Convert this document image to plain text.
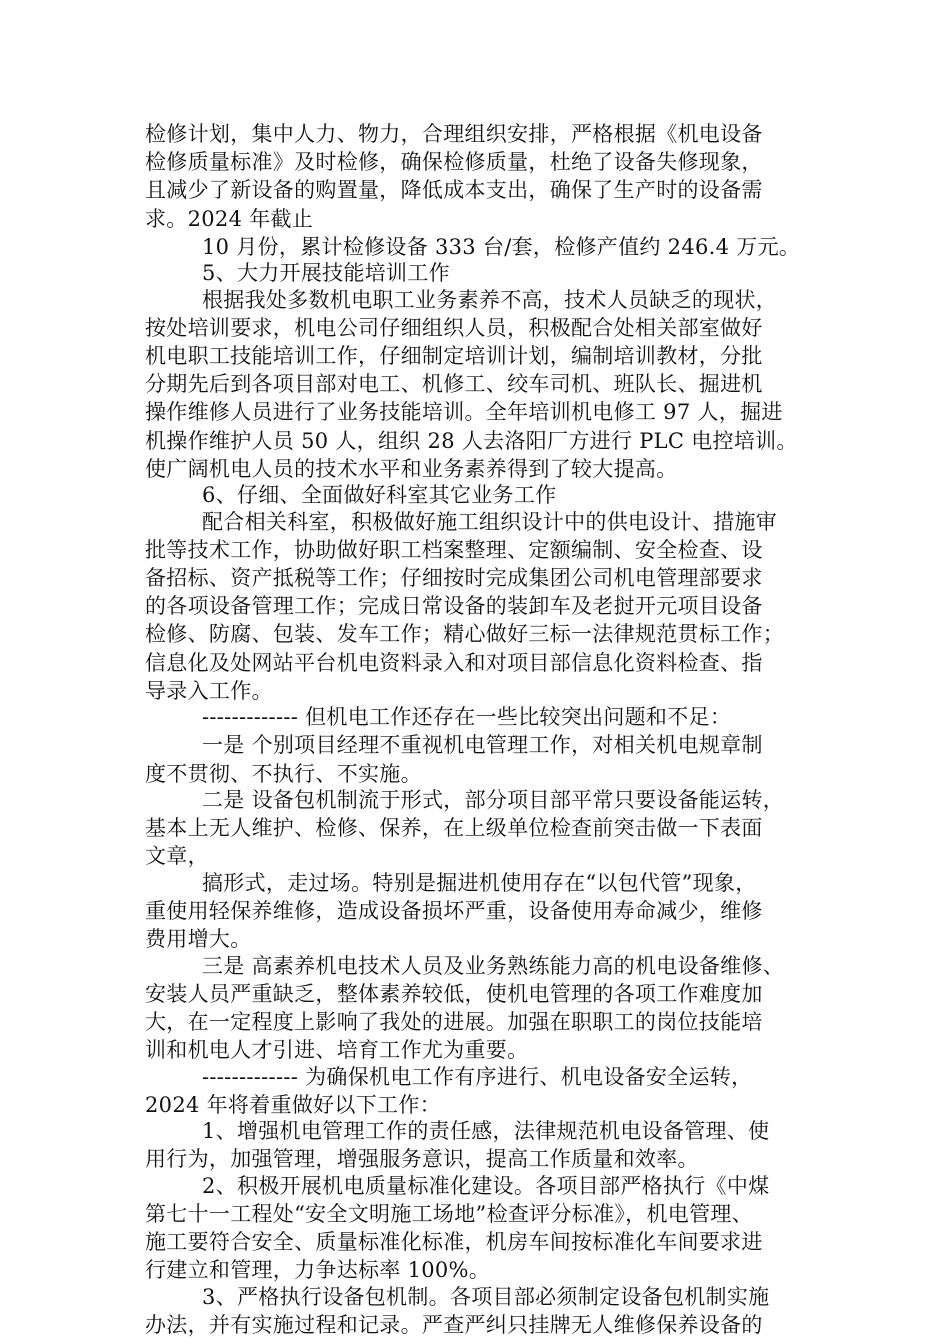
检修计划，集中人力、物力，合理组织安排，严格根据《机电设备
检修质量标准》及时检修，确保检修质量，杜绝了设备失修现象，
且减少了新设备的购置量，降低成本支出，确保了生产时的设备需
求。2024 年截止
10 月份，累计检修设备 333 台/套，检修产值约 246.4 万元。
5、大力开展技能培训工作
根据我处多数机电职工业务素养不高，技术人员缺乏的现状，
按处培训要求，机电公司仔细组织人员，积极配合处相关部室做好
机电职工技能培训工作，仔细制定培训计划，编制培训教材，分批
分期先后到各项目部对电工、机修工、绞车司机、班队长、掘进机
操作维修人员进行了业务技能培训。全年培训机电修工 97 人，掘进
机操作维护人员 50 人，组织 28 人去洛阳厂方进行 PLC 电控培训。
使广阔机电人员的技术水平和业务素养得到了较大提高。
6、仔细、全面做好科室其它业务工作
配合相关科室，积极做好施工组织设计中的供电设计、措施审
批等技术工作，协助做好职工档案整理、定额编制、安全检查、设
备招标、资产抵税等工作；仔细按时完成集团公司机电管理部要求
的各项设备管理工作；完成日常设备的装卸车及老挝开元项目设备
检修、防腐、包装、发车工作；精心做好三标一法律规范贯标工作；
信息化及处网站平台机电资料录入和对项目部信息化资料检查、指
导录入工作。
------------- 但机电工作还存在一些比较突出问题和不足：
一是 个别项目经理不重视机电管理工作，对相关机电规章制
度不贯彻、不执行、不实施。
二是 设备包机制流于形式，部分项目部平常只要设备能运转，
基本上无人维护、检修、保养，在上级单位检查前突击做一下表面
文章，
搞形式，走过场。特别是掘进机使用存在“以包代管”现象，
重使用轻保养维修，造成设备损坏严重，设备使用寿命减少，维修
费用增大。
三是 高素养机电技术人员及业务熟练能力高的机电设备维修、
安装人员严重缺乏，整体素养较低，使机电管理的各项工作难度加
大，在一定程度上影响了我处的进展。加强在职职工的岗位技能培
训和机电人才引进、培育工作尤为重要。
------------- 为确保机电工作有序进行、机电设备安全运转，
2024 年将着重做好以下工作：
1、增强机电管理工作的责任感，法律规范机电设备管理、使
用行为，加强管理，增强服务意识，提高工作质量和效率。
2、积极开展机电质量标准化建设。各项目部严格执行《中煤
第七十一工程处“安全文明施工场地”检查评分标准》，机电管理、
施工要符合安全、质量标准化标准，机房车间按标准化车间要求进
行建立和管理，力争达标率 100%。
3、严格执行设备包机制。各项目部必须制定设备包机制实施
办法，并有实施过程和记录。严查严纠只挂牌无人维修保养设备的
